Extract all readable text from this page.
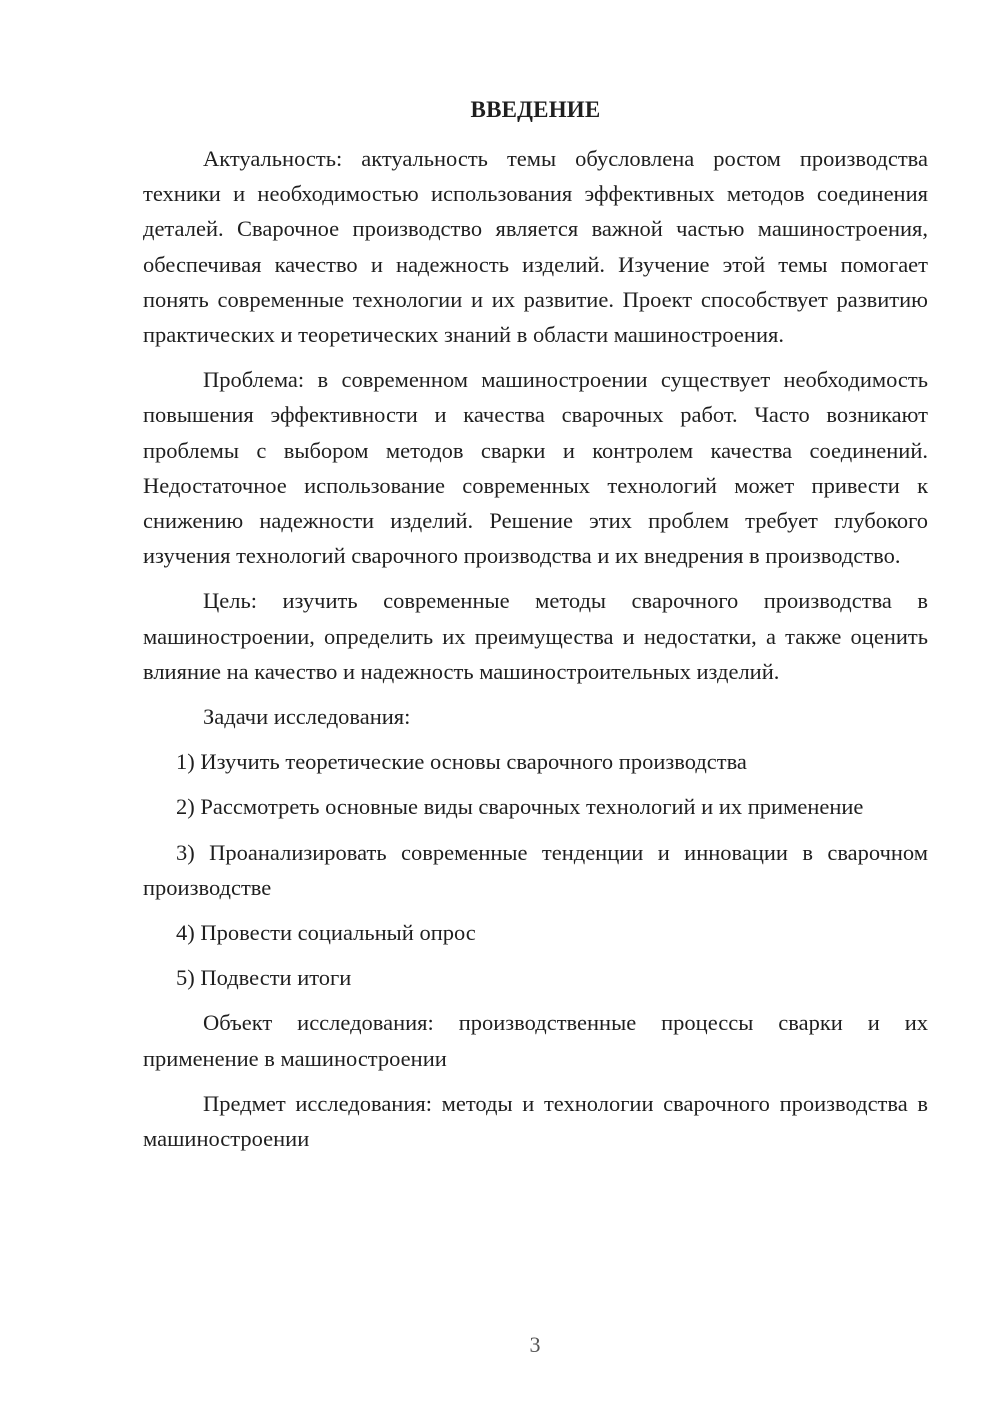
ВВЕДЕНИЕ

Актуальность: актуальность темы обусловлена ростом производства техники и необходимостью использования эффективных методов соединения деталей. Сварочное производство является важной частью машиностроения, обеспечивая качество и надежность изделий. Изучение этой темы помогает понять современные технологии и их развитие. Проект способствует развитию практических и теоретических знаний в области машиностроения.

Проблема: в современном машиностроении существует необходимость повышения эффективности и качества сварочных работ. Часто возникают проблемы с выбором методов сварки и контролем качества соединений. Недостаточное использование современных технологий может привести к снижению надежности изделий. Решение этих проблем требует глубокого изучения технологий сварочного производства и их внедрения в производство.

Цель: изучить современные методы сварочного производства в машиностроении, определить их преимущества и недостатки, а также оценить влияние на качество и надежность машиностроительных изделий.

Задачи исследования:

1) Изучить теоретические основы сварочного производства

2) Рассмотреть основные виды сварочных технологий и их применение

3) Проанализировать современные тенденции и инновации в сварочном производстве

4) Провести социальный опрос

5) Подвести итоги

Объект исследования: производственные процессы сварки и их применение в машиностроении

Предмет исследования: методы и технологии сварочного производства в машиностроении

3
